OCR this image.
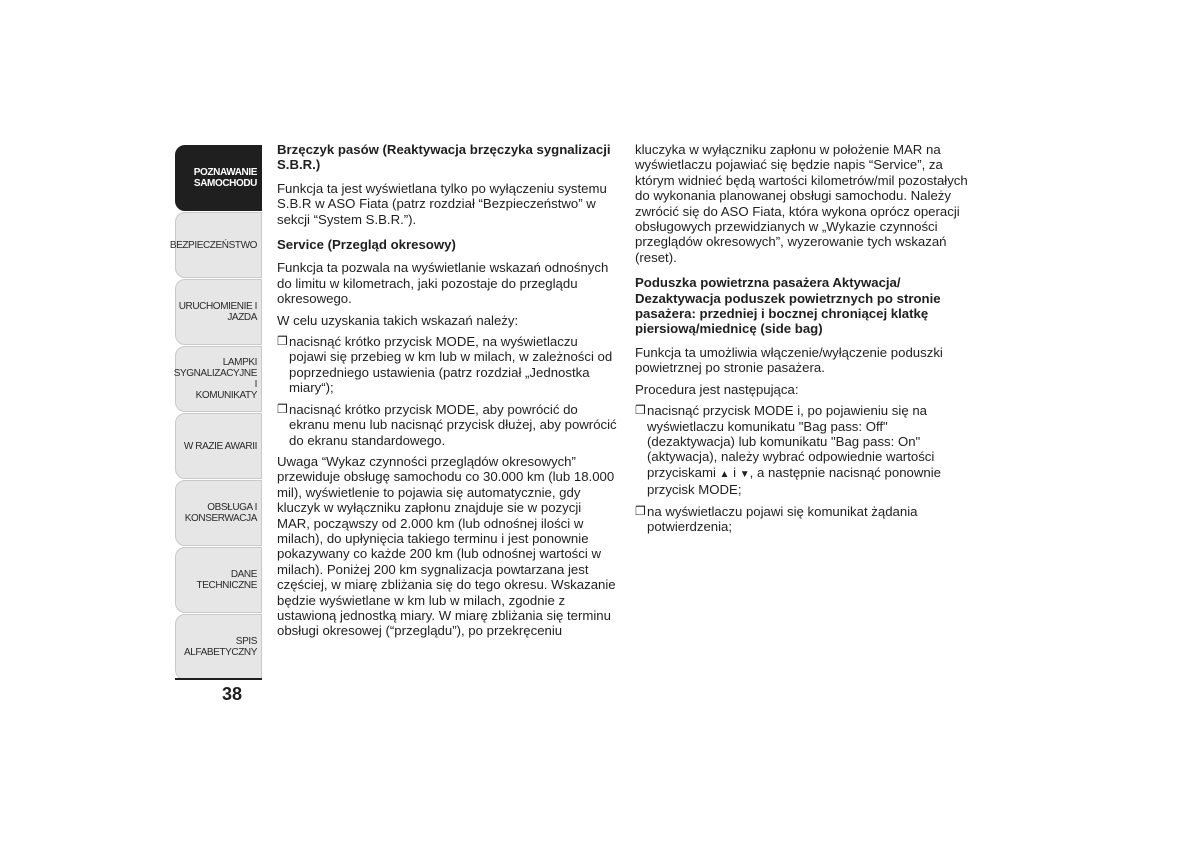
POZNAWANIE
SAMOCHODU
BEZPIECZEŃSTWO
URUCHOMIENIE I
JAZDA
LAMPKI
SYGNALIZACYJNE I
KOMUNIKATY
W RAZIE AWARII
OBSŁUGA I
KONSERWACJA
DANE TECHNICZNE
SPIS ALFABETYCZNY
38
Brzęczyk pasów (Reaktywacja brzęczyka sygnalizacji S.B.R.)
Funkcja ta jest wyświetlana tylko po wyłączeniu systemu S.B.R w ASO Fiata (patrz rozdział “Bezpieczeństwo” w sekcji “System S.B.R.”).
Service (Przegląd okresowy)
Funkcja ta pozwala na wyświetlanie wskazań odnośnych do limitu w kilometrach, jaki pozostaje do przeglądu okresowego.
W celu uzyskania takich wskazań należy:
❒ nacisnąć krótko przycisk MODE, na wyświetlaczu pojawi się przebieg w km lub w milach, w zależności od poprzedniego ustawienia (patrz rozdział „Jednostka miary“);
❒ nacisnąć krótko przycisk MODE, aby powrócić do ekranu menu lub nacisnąć przycisk dłużej, aby powrócić do ekranu standardowego.
Uwaga “Wykaz czynności przeglądów okresowych” przewiduje obsługę samochodu co 30.000 km (lub 18.000 mil), wyświetlenie to pojawia się automatycznie, gdy kluczyk w wyłączniku zapłonu znajduje sie w pozycji MAR, począwszy od 2.000 km (lub odnośnej ilości w milach), do upłynięcia takiego terminu i jest ponownie pokazywany co każde 200 km (lub odnośnej wartości w milach). Poniżej 200 km sygnalizacja powtarzana jest częściej, w miarę zbliżania się do tego okresu. Wskazanie będzie wyświetlane w km lub w milach, zgodnie z ustawioną jednostką miary. W miarę zbliżania się terminu obsługi okresowej (“przeglądu”), po przekręceniu
kluczyka w wyłączniku zapłonu w położenie MAR na wyświetlaczu pojawiać się będzie napis “Service”, za którym widnieć będą wartości kilometrów/mil pozostałych do wykonania planowanej obsługi samochodu. Należy zwrócić się do ASO Fiata, która wykona oprócz operacji obsługowych przewidzianych w „Wykazie czynności przeglądów okresowych”, wyzerowanie tych wskazań (reset).
Poduszka powietrzna pasażera Aktywacja/ Dezaktywacja poduszek powietrznych po stronie pasażera: przedniej i bocznej chroniącej klatkę piersiową/miednicę (side bag)
Funkcja ta umożliwia włączenie/wyłączenie poduszki powietrznej po stronie pasażera.
Procedura jest następująca:
❒ nacisnąć przycisk MODE i, po pojawieniu się na wyświetlaczu komunikatu "Bag pass: Off" (dezaktywacja) lub komunikatu "Bag pass: On" (aktywacja), należy wybrać odpowiednie wartości przyciskami ▲ i ▼, a następnie nacisnąć ponownie przycisk MODE;
❒ na wyświetlaczu pojawi się komunikat żądania potwierdzenia;
